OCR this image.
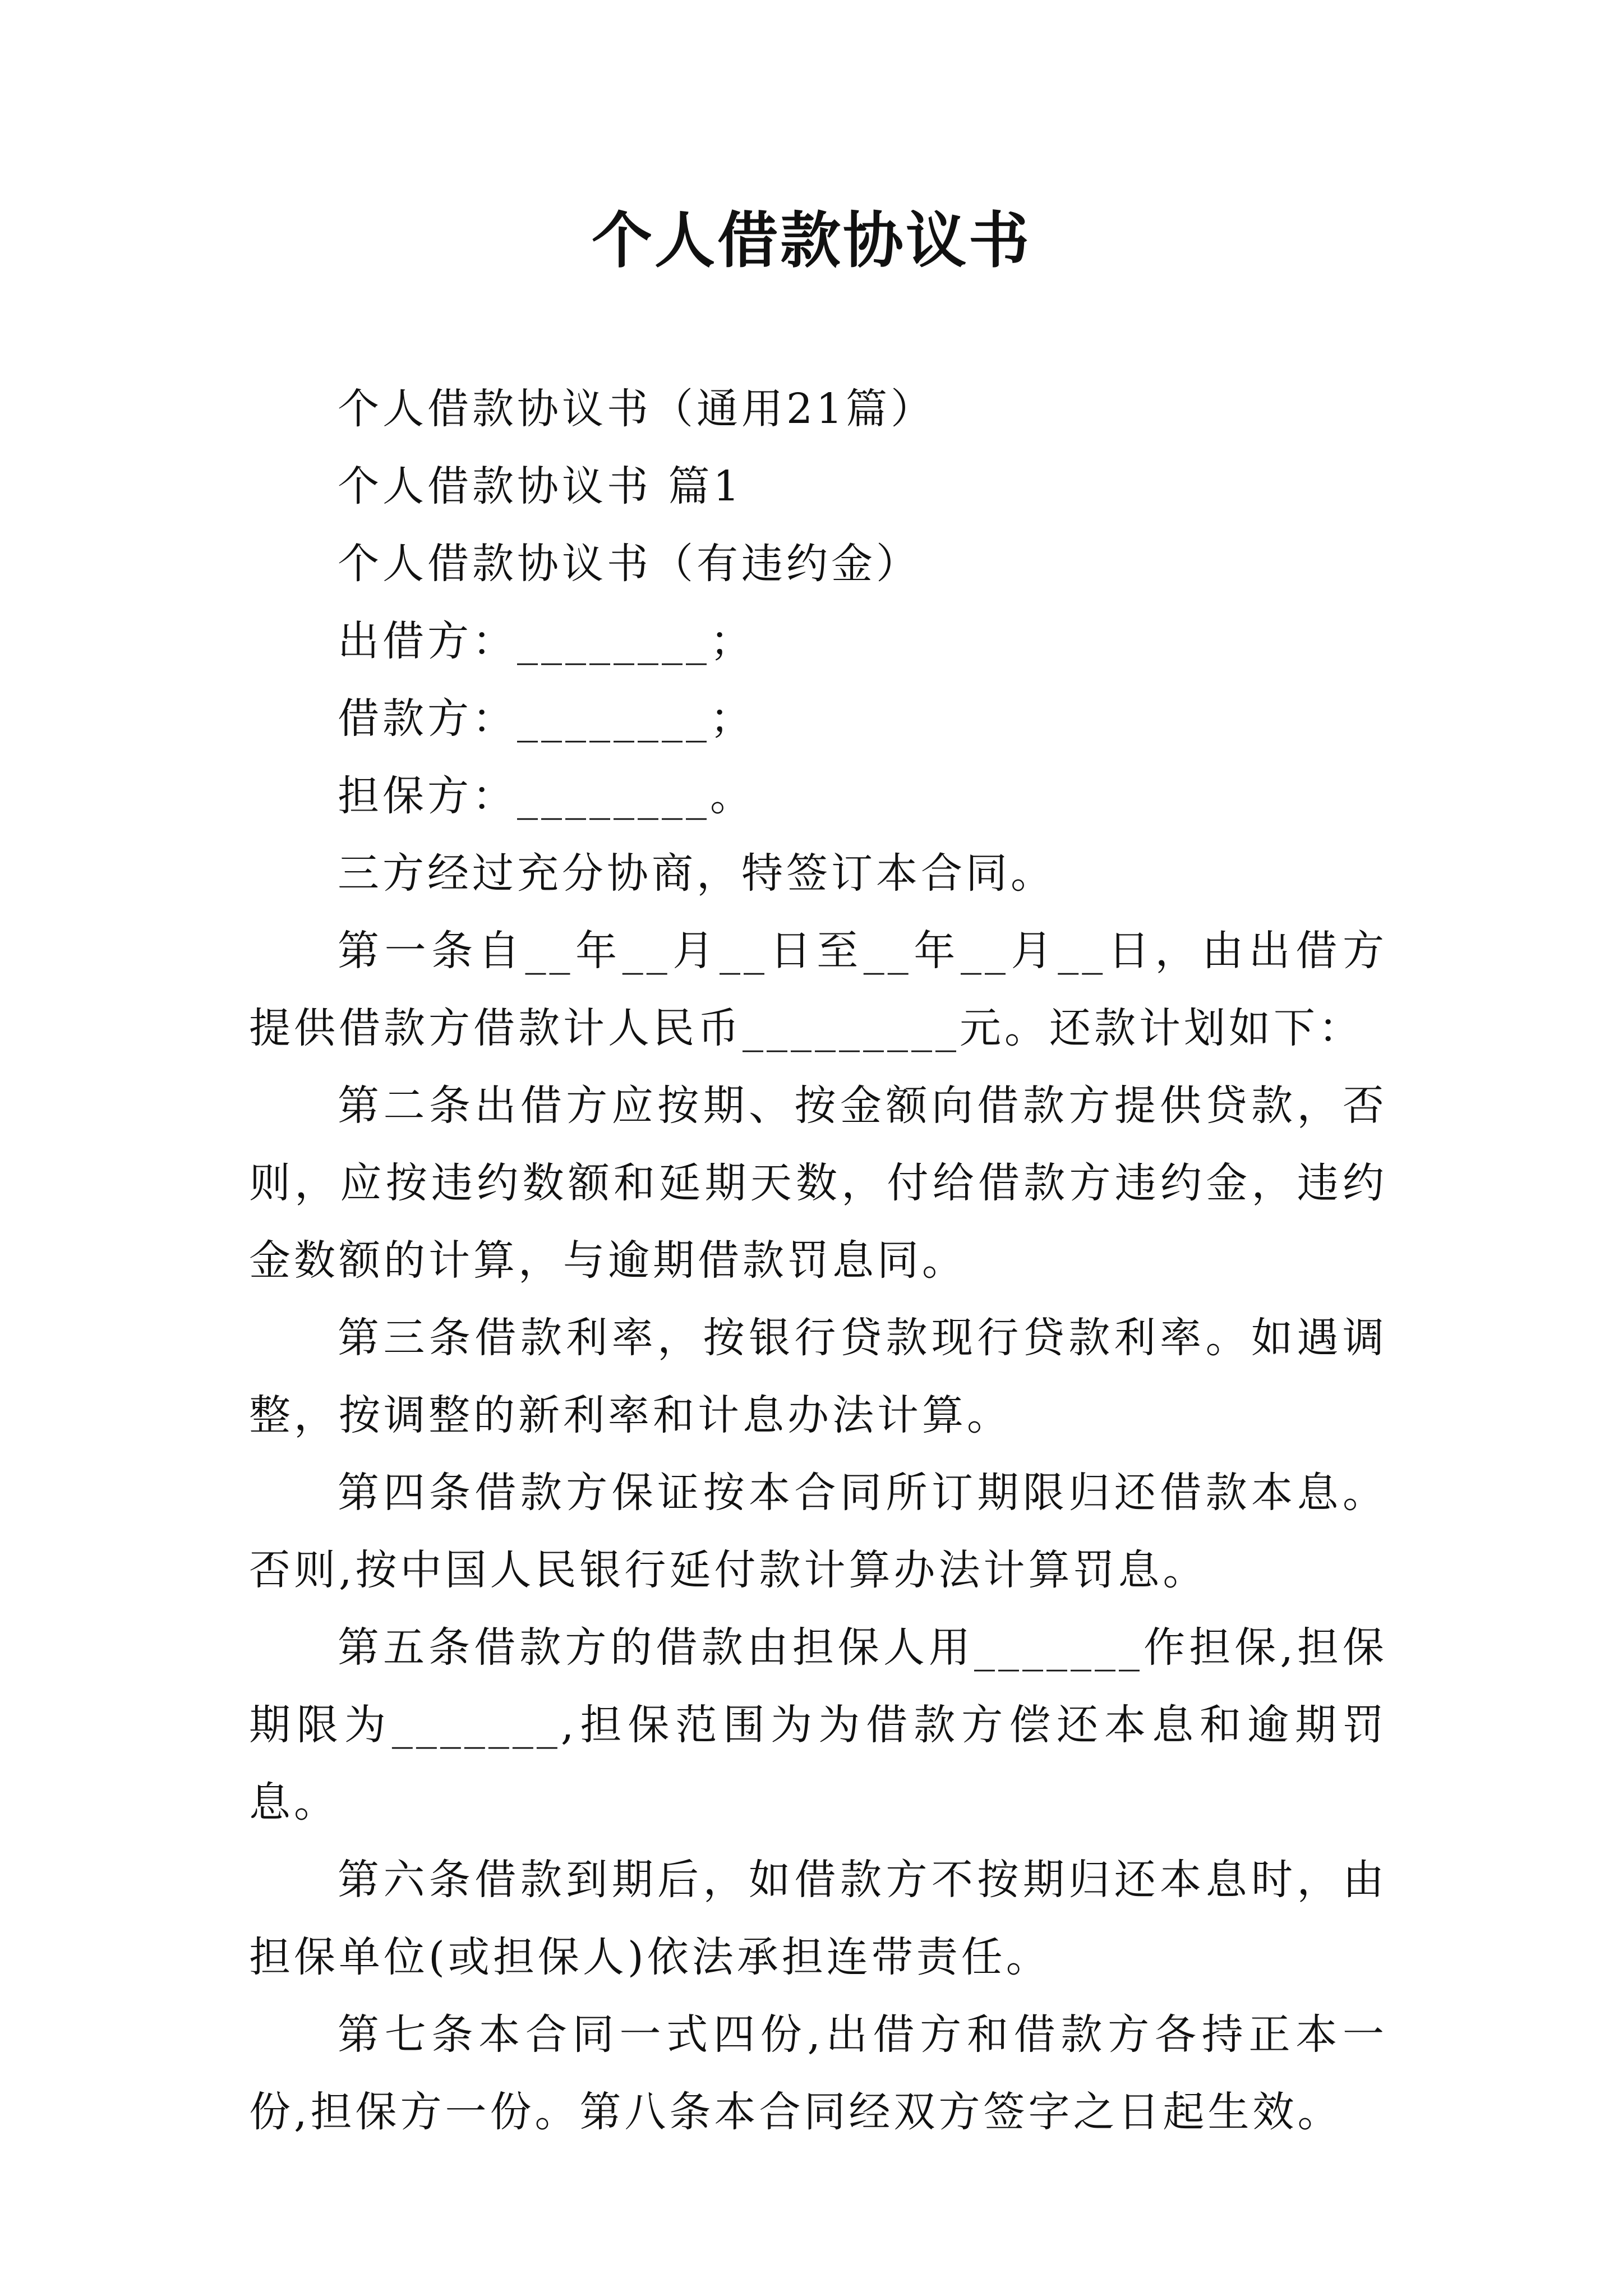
个人借款协议书

个人借款协议书（通用21篇）

个人借款协议书 篇1

个人借款协议书（有违约金）

出借方：________；

借款方：________；

担保方：________。

三方经过充分协商，特签订本合同。

第一条自__年__月__日至__年__月__日，由出借方提供借款方借款计人民币_________元。还款计划如下：

第二条出借方应按期、按金额向借款方提供贷款，否则，应按违约数额和延期天数，付给借款方违约金，违约金数额的计算，与逾期借款罚息同。

第三条借款利率，按银行贷款现行贷款利率。如遇调整，按调整的新利率和计息办法计算。

第四条借款方保证按本合同所订期限归还借款本息。否则,按中国人民银行延付款计算办法计算罚息。

第五条借款方的借款由担保人用_______作担保,担保期限为_______,担保范围为为借款方偿还本息和逾期罚息。

第六条借款到期后，如借款方不按期归还本息时，由担保单位(或担保人)依法承担连带责任。

第七条本合同一式四份,出借方和借款方各持正本一份,担保方一份。第八条本合同经双方签字之日起生效。
